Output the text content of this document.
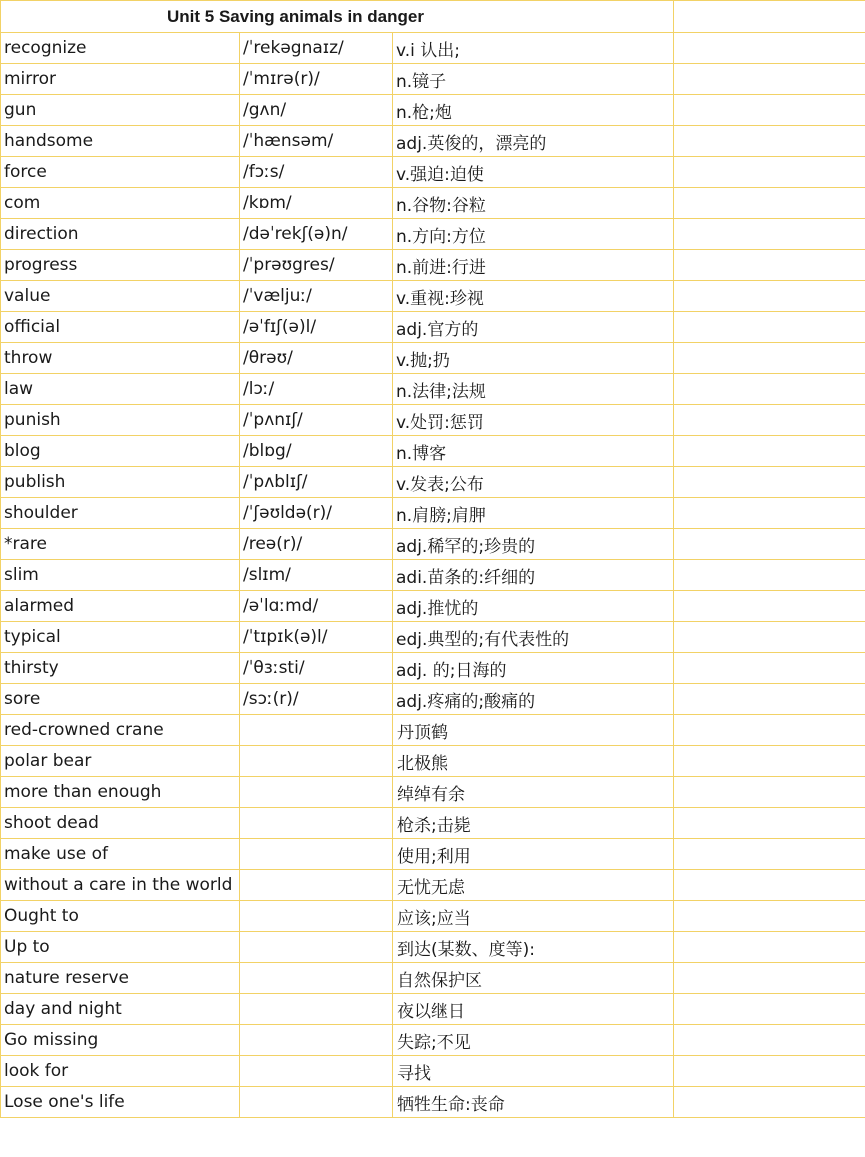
Unit 5 Saving animals in danger			
recognize	/ˈrekəgnaɪz/	v.i 认出;	
mirror	/ˈmɪrə(r)/	n.镜子	
gun	/gʌn/	n.枪;炮	
handsome	/ˈhænsəm/	adj.英俊的，漂亮的	
force	/fɔːs/	v.强迫:迫使	
com	/kɒm/	n.谷物:谷粒	
direction	/dəˈrekʃ(ə)n/	n.方向:方位	
progress	/ˈprəʊgres/	n.前进:行进	
value	/ˈvæljuː/	v.重视:珍视	
official	/əˈfɪʃ(ə)l/	adj.官方的	
throw	/θrəʊ/	v.抛;扔	
law	/lɔː/	n.法律;法规	
punish	/ˈpʌnɪʃ/	v.处罚:惩罚	
blog	/blɒg/	n.博客	
publish	/ˈpʌblɪʃ/	v.发表;公布	
shoulder	/ˈʃəʊldə(r)/	n.肩膀;肩胛	
*rare	/reə(r)/	adj.稀罕的;珍贵的	
slim	/slɪm/	adi.苗条的:纤细的	
alarmed	/əˈlɑːmd/	adj.推忧的	
typical	/ˈtɪpɪk(ə)l/	edj.典型的;有代表性的	
thirsty	/ˈθɜːsti/	adj. 的;日海的	
sore	/sɔː(r)/	adj.疼痛的;酸痛的	
red-crowned crane		丹顶鹤	
polar bear		北极熊	
more than enough		绰绰有余	
shoot dead		枪杀;击毙	
make use of		使用;利用	
without a care in the world		无忧无虑	
Ought to		应该;应当	
Up to		到达(某数、度等):	
nature reserve		自然保护区	
day and night		夜以继日	
Go missing		失踪;不见	
look for		寻找	
Lose one's life		牺牲生命:丧命	
